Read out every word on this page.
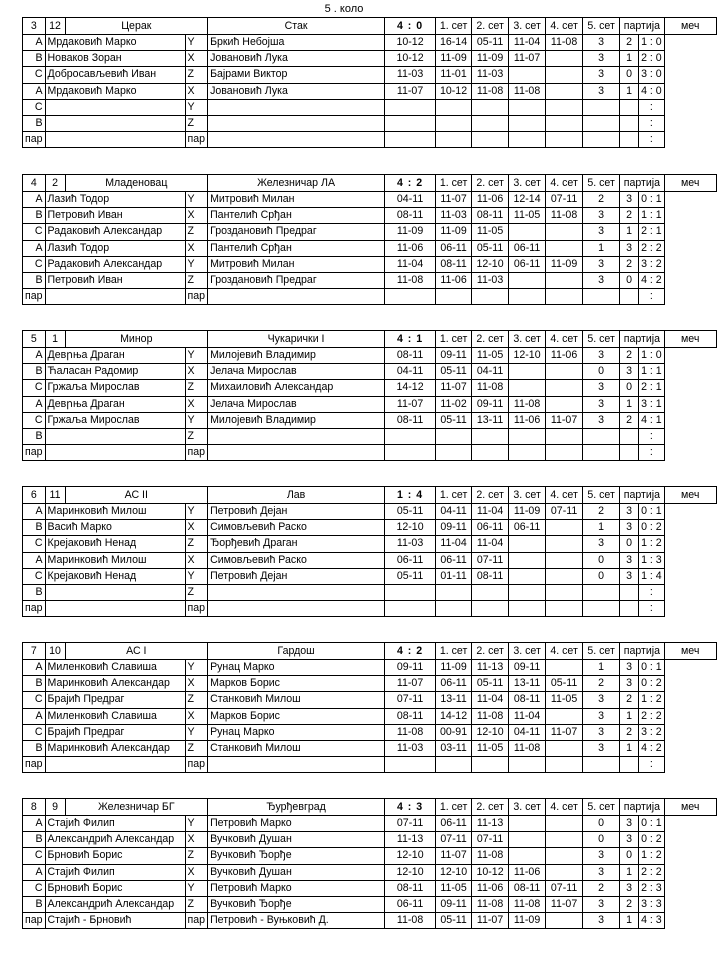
5 . коло
3	12	Церак		Стак	4 : 0	1. сет	2. сет	3. сет	4. сет	5. сет	партија		меч
A	Мрдаковић Марко		Y	Бркић Небојша	10-12	16-14	05-11	11-04	11-08	3	2	1 : 0	
B	Новаков Зоран		X	Јовановић Лука	10-12	11-09	11-09	11-07		3	1	2 : 0	
C	Добросављевић Иван		Z	Бајрами Виктор	11-03	11-01	11-03			3	0	3 : 0	
A	Мрдаковић Марко		X	Јовановић Лука	11-07	10-12	11-08	11-08		3	1	4 : 0	
C			Y									:	
B			Z									:	
пар			пар									:	
4	2	Младеновац		Железничар ЛА	4 : 2	1. сет	2. сет	3. сет	4. сет	5. сет	партија		меч
A	Лазић Тодор		Y	Митровић Милан	04-11	11-07	11-06	12-14	07-11	2	3	0 : 1	
B	Петровић Иван		X	Пантелић Срђан	08-11	11-03	08-11	11-05	11-08	3	2	1 : 1	
C	Радаковић Александар		Z	Гроздановић Предраг	11-09	11-09	11-05			3	1	2 : 1	
A	Лазић Тодор		X	Пантелић Срђан	11-06	06-11	05-11	06-11		1	3	2 : 2	
C	Радаковић Александар		Y	Митровић Милан	11-04	08-11	12-10	06-11	11-09	3	2	3 : 2	
B	Петровић Иван		Z	Гроздановић Предраг	11-08	11-06	11-03			3	0	4 : 2	
пар			пар									:	
5	1	Минор		Чукарички I	4 : 1	1. сет	2. сет	3. сет	4. сет	5. сет	партија		меч
A	Девրња Драган		Y	Милојевић Владимир	08-11	09-11	11-05	12-10	11-06	3	2	1 : 0	
B	Ћаласан Радомир		X	Јелача Мирослав	04-11	05-11	04-11			0	3	1 : 1	
C	Гржаља Мирослав		Z	Михаиловић Александар	14-12	11-07	11-08			3	0	2 : 1	
A	Девրња Драган		X	Јелача Мирослав	11-07	11-02	09-11	11-08		3	1	3 : 1	
C	Гржаља Мирослав		Y	Милојевић Владимир	08-11	05-11	13-11	11-06	11-07	3	2	4 : 1	
B			Z									:	
пар			пар									:	
6	11	АС II		Лав	1 : 4	1. сет	2. сет	3. сет	4. сет	5. сет	партија		меч
A	Маринковић Милош		Y	Петровић Дејан	05-11	04-11	11-04	11-09	07-11	2	3	0 : 1	
B	Васић Марко		X	Симовљевић Раско	12-10	09-11	06-11	06-11		1	3	0 : 2	
C	Крејаковић Ненад		Z	Ђорђевић Драган	11-03	11-04	11-04			3	0	1 : 2	
A	Маринковић Милош		X	Симовљевић Раско	06-11	06-11	07-11			0	3	1 : 3	
C	Крејаковић Ненад		Y	Петровић Дејан	05-11	01-11	08-11			0	3	1 : 4	
B			Z									:	
пар			пар									:	
7	10	АС I		Гардош	4 : 2	1. сет	2. сет	3. сет	4. сет	5. сет	партија		меч
A	Миленковић Славиша		Y	Рунац Марко	09-11	11-09	11-13	09-11		1	3	0 : 1	
B	Маринковић Александар		X	Марков Борис	11-07	06-11	05-11	13-11	05-11	2	3	0 : 2	
C	Брајић Предраг		Z	Станковић Милош	07-11	13-11	11-04	08-11	11-05	3	2	1 : 2	
A	Миленковић Славиша		X	Марков Борис	08-11	14-12	11-08	11-04		3	1	2 : 2	
C	Брајић Предраг		Y	Рунац Марко	11-08	00-91	12-10	04-11	11-07	3	2	3 : 2	
B	Маринковић Александар		Z	Станковић Милош	11-03	03-11	11-05	11-08		3	1	4 : 2	
пар			пар									:	
8	9	Железничар БГ		Ђурђевград	4 : 3	1. сет	2. сет	3. сет	4. сет	5. сет	партија		меч
A	Стајић Филип		Y	Петровић Марко	07-11	06-11	11-13			0	3	0 : 1	
B	Александрић Александар		X	Вучковић Душан	11-13	07-11	07-11			0	3	0 : 2	
C	Брновић Борис		Z	Вучковић Ђорђе	12-10	11-07	11-08			3	0	1 : 2	
A	Стајић Филип		X	Вучковић Душан	12-10	12-10	10-12	11-06		3	1	2 : 2	
C	Брновић Борис		Y	Петровић Марко	08-11	11-05	11-06	08-11	07-11	2	3	2 : 3	
B	Александрић Александар		Z	Вучковић Ђорђе	06-11	09-11	11-08	11-08	11-07	3	2	3 : 3	
пар	Стајић - Брновић		пар	Петровић - Вуњковић Д.	11-08	05-11	11-07	11-09		3	1	4 : 3	
